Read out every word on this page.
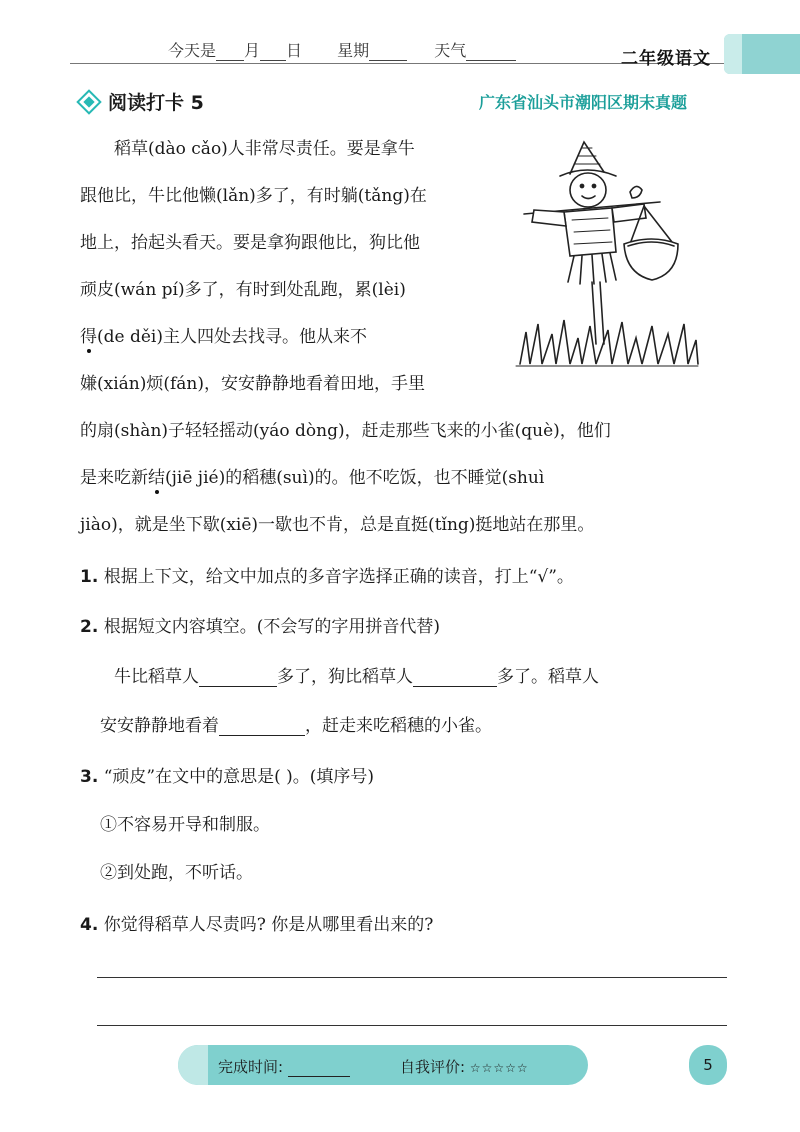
今天是 月 日 星期	天气	二年级语文
阅读打卡 5	广东省汕头市潮阳区期末真题
稻草(dào cǎo)人非常尽责任。要是拿牛
跟他比，牛比他懒(lǎn)多了，有时躺(tǎng)在
地上，抬起头看天。要是拿狗跟他比，狗比他
顽皮(wán pí)多了，有时到处乱跑，累(lèi)
得(de děi)主人四处去找寻。他从来不
嫌(xián)烦(fán)，安安静静地看着田地，手里
的扇(shàn)子轻轻摇动(yáo dòng)，赶走那些飞来的小雀(què)，他们
是来吃新结(jiē jié)的稻穗(suì)的。他不吃饭，也不睡觉(shuì
jiào)，就是坐下歇(xiē)一歇也不肯，总是直挺(tǐng)挺地站在那里。
1. 根据上下文，给文中加点的多音字选择正确的读音，打上“√”。
2. 根据短文内容填空。(不会写的字用拼音代替)
牛比稻草人	多了，狗比稻草人	多了。稻草人
安安静静地看着	，赶走来吃稻穗的小雀。
3. “顽皮”在文中的意思是( )。(填序号)
①不容易开导和制服。
②到处跑，不听话。
4. 你觉得稻草人尽责吗? 你是从哪里看出来的?
完成时间:	自我评价: ☆☆☆☆☆	5
